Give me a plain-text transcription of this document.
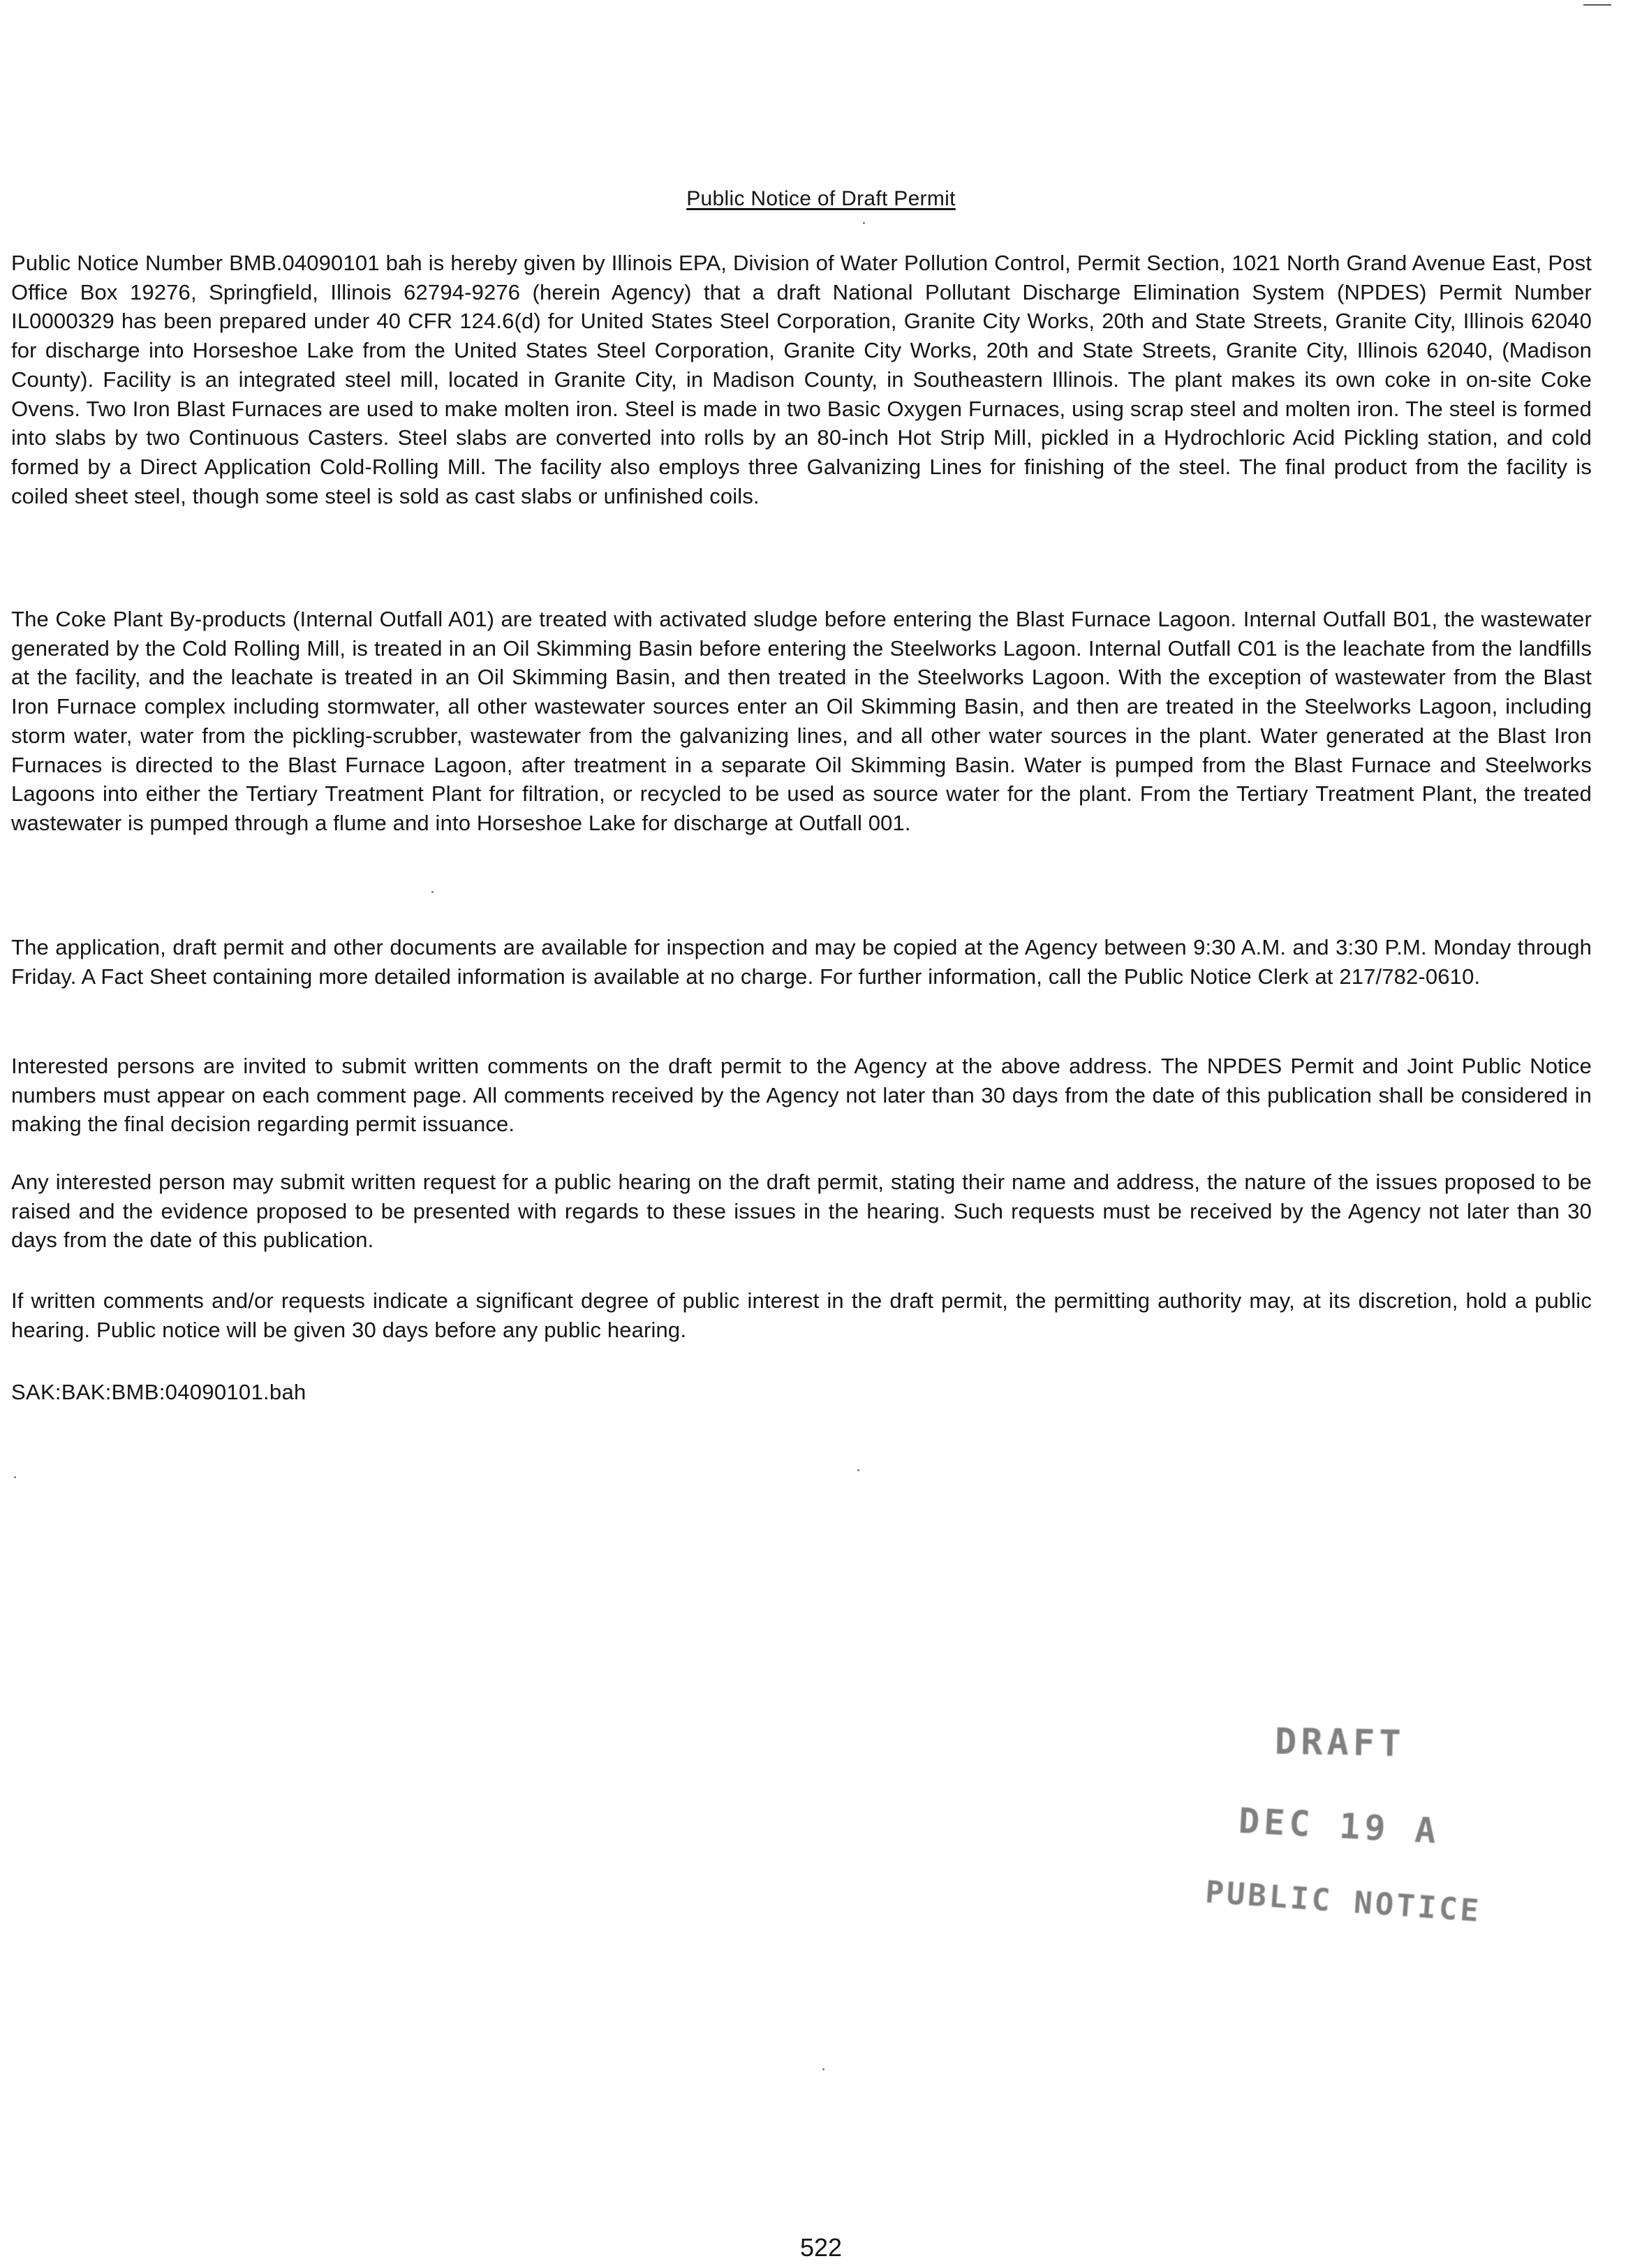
Public Notice of Draft Permit

Public Notice Number BMB.04090101 bah is hereby given by Illinois EPA, Division of Water Pollution Control, Permit Section, 1021 North Grand Avenue East, Post Office Box 19276, Springfield, Illinois 62794-9276 (herein Agency) that a draft National Pollutant Discharge Elimination System (NPDES) Permit Number IL0000329 has been prepared under 40 CFR 124.6(d) for United States Steel Corporation, Granite City Works, 20th and State Streets, Granite City, Illinois 62040 for discharge into Horseshoe Lake from the United States Steel Corporation, Granite City Works, 20th and State Streets, Granite City, Illinois 62040, (Madison County). Facility is an integrated steel mill, located in Granite City, in Madison County, in Southeastern Illinois. The plant makes its own coke in on-site Coke Ovens. Two Iron Blast Furnaces are used to make molten iron. Steel is made in two Basic Oxygen Furnaces, using scrap steel and molten iron. The steel is formed into slabs by two Continuous Casters. Steel slabs are converted into rolls by an 80-inch Hot Strip Mill, pickled in a Hydrochloric Acid Pickling station, and cold formed by a Direct Application Cold-Rolling Mill. The facility also employs three Galvanizing Lines for finishing of the steel. The final product from the facility is coiled sheet steel, though some steel is sold as cast slabs or unfinished coils.

The Coke Plant By-products (Internal Outfall A01) are treated with activated sludge before entering the Blast Furnace Lagoon. Internal Outfall B01, the wastewater generated by the Cold Rolling Mill, is treated in an Oil Skimming Basin before entering the Steelworks Lagoon. Internal Outfall C01 is the leachate from the landfills at the facility, and the leachate is treated in an Oil Skimming Basin, and then treated in the Steelworks Lagoon. With the exception of wastewater from the Blast Iron Furnace complex including stormwater, all other wastewater sources enter an Oil Skimming Basin, and then are treated in the Steelworks Lagoon, including storm water, water from the pickling-scrubber, wastewater from the galvanizing lines, and all other water sources in the plant. Water generated at the Blast Iron Furnaces is directed to the Blast Furnace Lagoon, after treatment in a separate Oil Skimming Basin. Water is pumped from the Blast Furnace and Steelworks Lagoons into either the Tertiary Treatment Plant for filtration, or recycled to be used as source water for the plant. From the Tertiary Treatment Plant, the treated wastewater is pumped through a flume and into Horseshoe Lake for discharge at Outfall 001.

The application, draft permit and other documents are available for inspection and may be copied at the Agency between 9:30 A.M. and 3:30 P.M. Monday through Friday. A Fact Sheet containing more detailed information is available at no charge. For further information, call the Public Notice Clerk at 217/782-0610.

Interested persons are invited to submit written comments on the draft permit to the Agency at the above address. The NPDES Permit and Joint Public Notice numbers must appear on each comment page. All comments received by the Agency not later than 30 days from the date of this publication shall be considered in making the final decision regarding permit issuance.

Any interested person may submit written request for a public hearing on the draft permit, stating their name and address, the nature of the issues proposed to be raised and the evidence proposed to be presented with regards to these issues in the hearing. Such requests must be received by the Agency not later than 30 days from the date of this publication.

If written comments and/or requests indicate a significant degree of public interest in the draft permit, the permitting authority may, at its discretion, hold a public hearing. Public notice will be given 30 days before any public hearing.

SAK:BAK:BMB:04090101.bah

DRAFT
DEC 19 A
PUBLIC NOTICE
522
